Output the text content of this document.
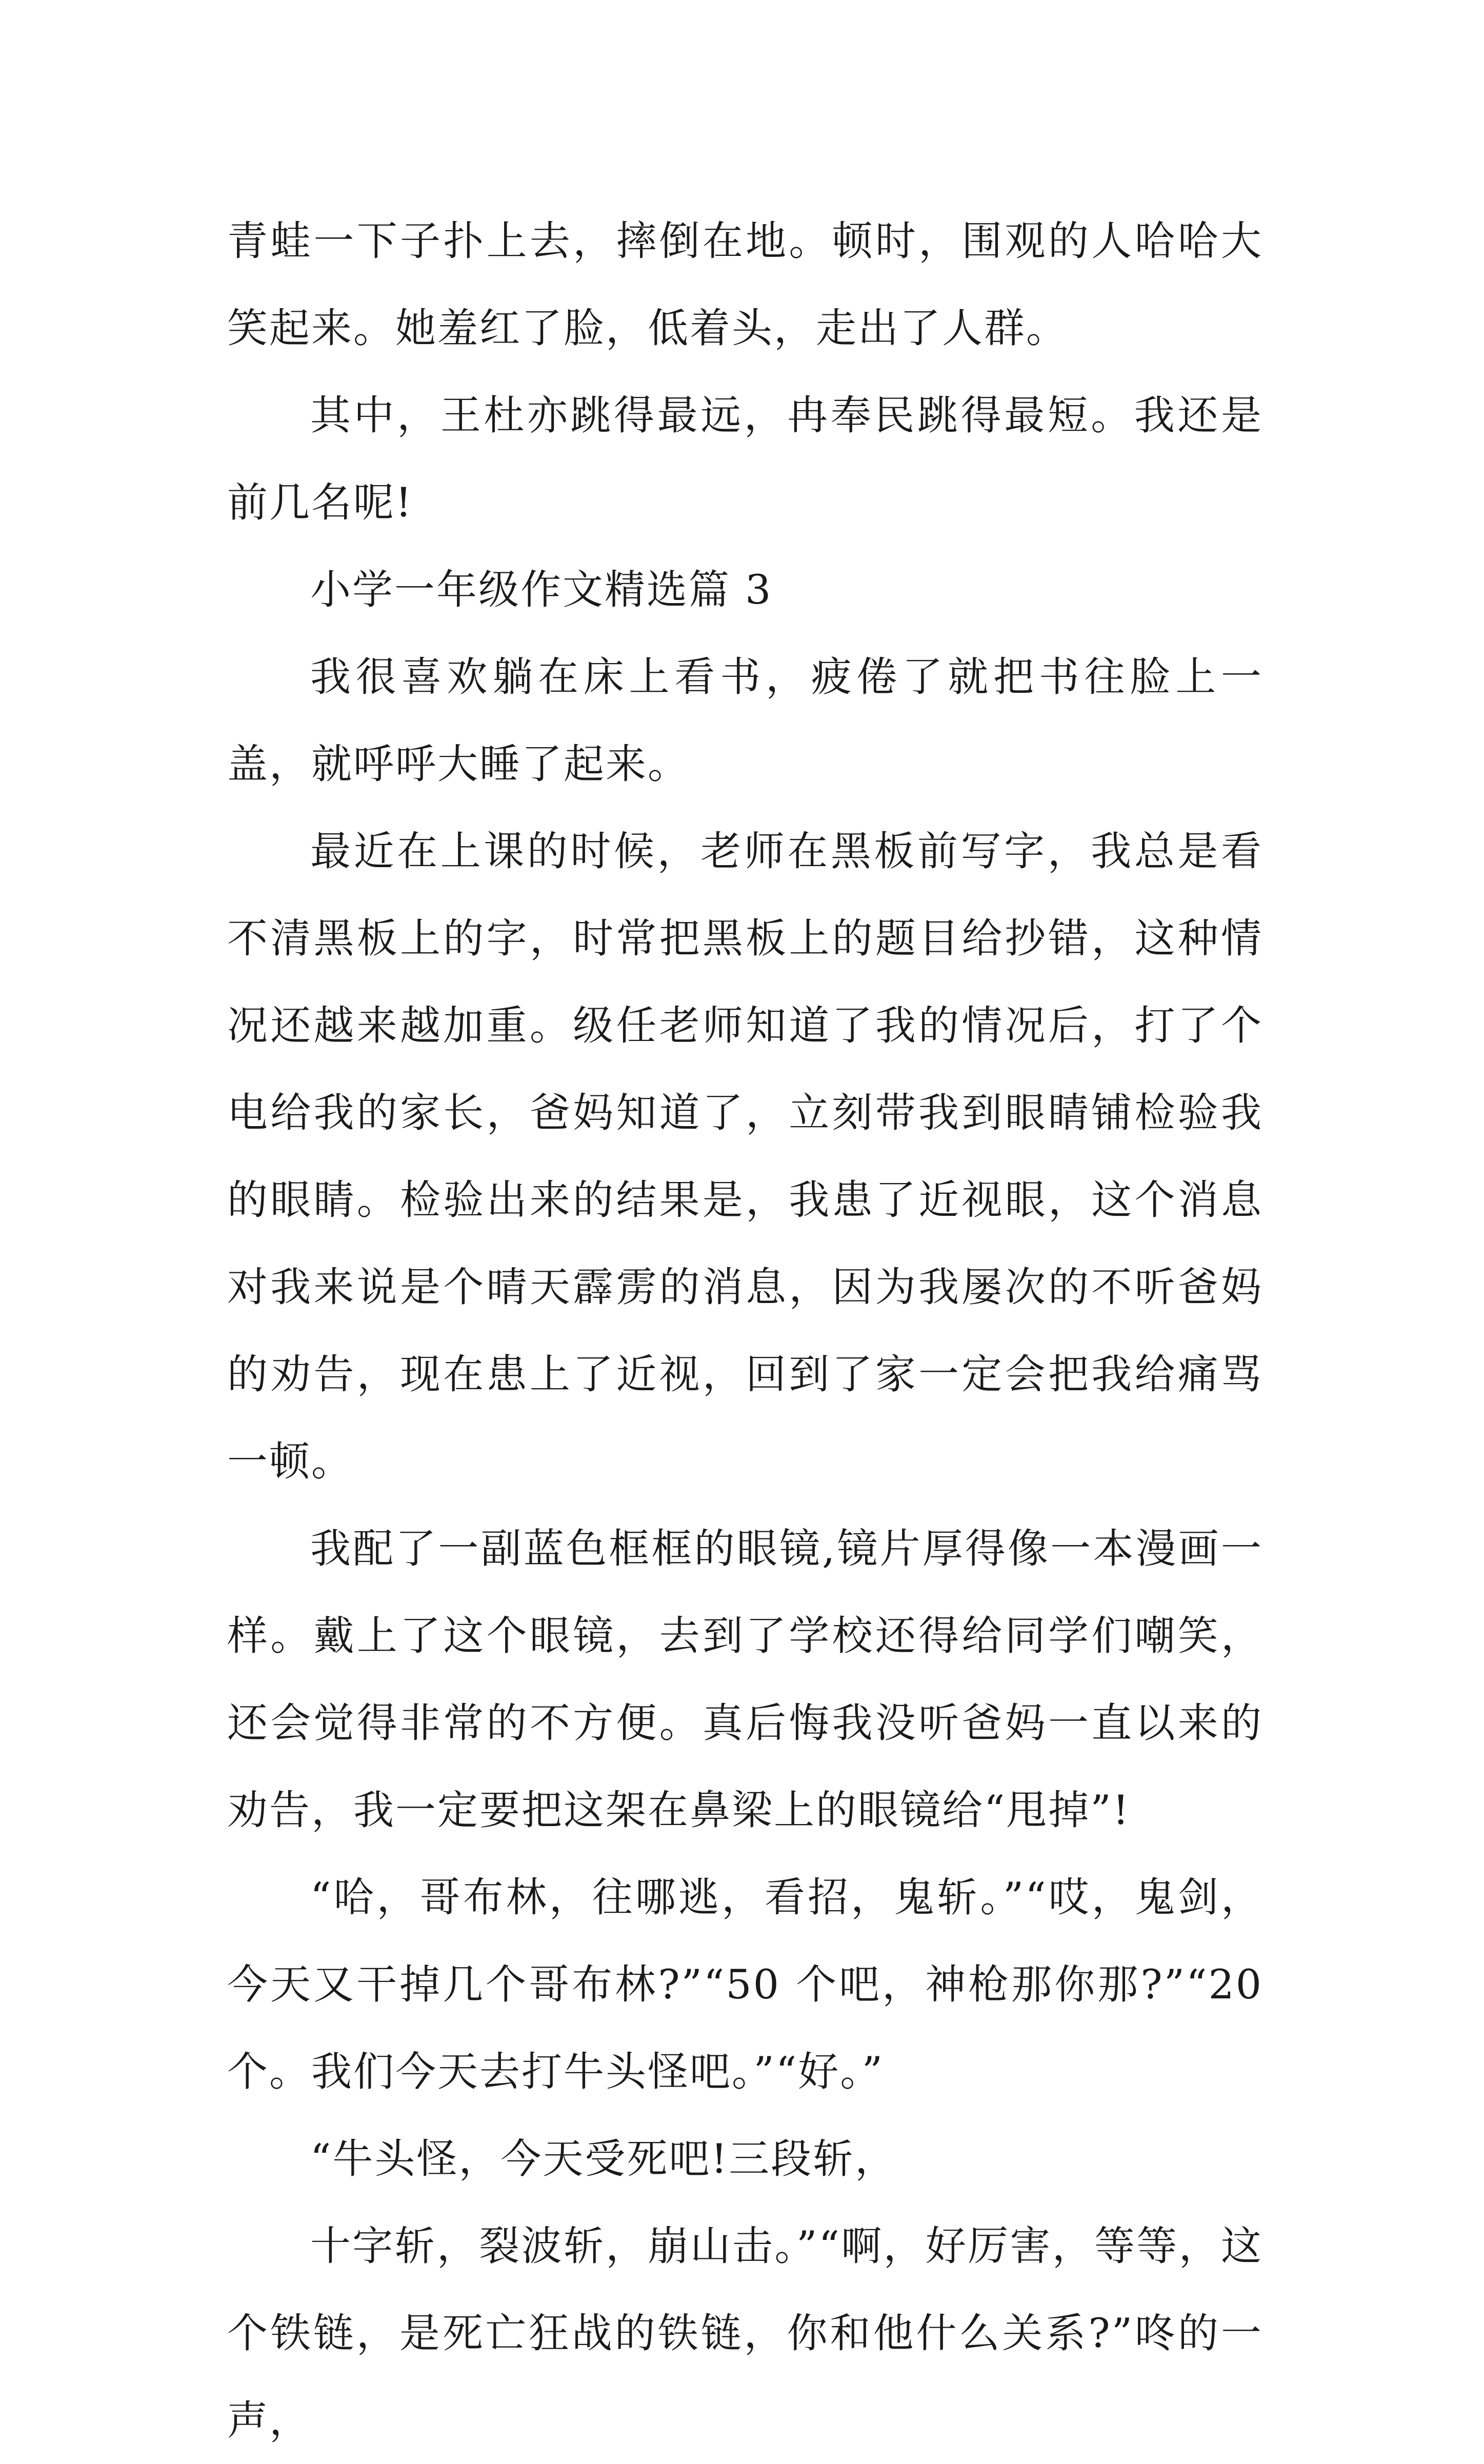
青蛙一下子扑上去，摔倒在地。顿时，围观的人哈哈大笑起来。她羞红了脸，低着头，走出了人群。

其中，王杜亦跳得最远，冉奉民跳得最短。我还是前几名呢!

小学一年级作文精选篇 3

我很喜欢躺在床上看书，疲倦了就把书往脸上一盖，就呼呼大睡了起来。

最近在上课的时候，老师在黑板前写字，我总是看不清黑板上的字，时常把黑板上的题目给抄错，这种情况还越来越加重。级任老师知道了我的情况后，打了个电给我的家长，爸妈知道了，立刻带我到眼睛铺检验我的眼睛。检验出来的结果是，我患了近视眼，这个消息对我来说是个晴天霹雳的消息，因为我屡次的不听爸妈的劝告，现在患上了近视，回到了家一定会把我给痛骂一顿。

我配了一副蓝色框框的眼镜,镜片厚得像一本漫画一样。戴上了这个眼镜，去到了学校还得给同学们嘲笑，还会觉得非常的不方便。真后悔我没听爸妈一直以来的劝告，我一定要把这架在鼻梁上的眼镜给“甩掉”!

“哈，哥布林，往哪逃，看招，鬼斩。”“哎，鬼剑，今天又干掉几个哥布林?”“50 个吧，神枪那你那?”“20 个。我们今天去打牛头怪吧。”“好。”

“牛头怪，今天受死吧!三段斩，

十字斩，裂波斩，崩山击。”“啊，好厉害，等等，这个铁链，是死亡狂战的铁链，你和他什么关系?”咚的一声，
